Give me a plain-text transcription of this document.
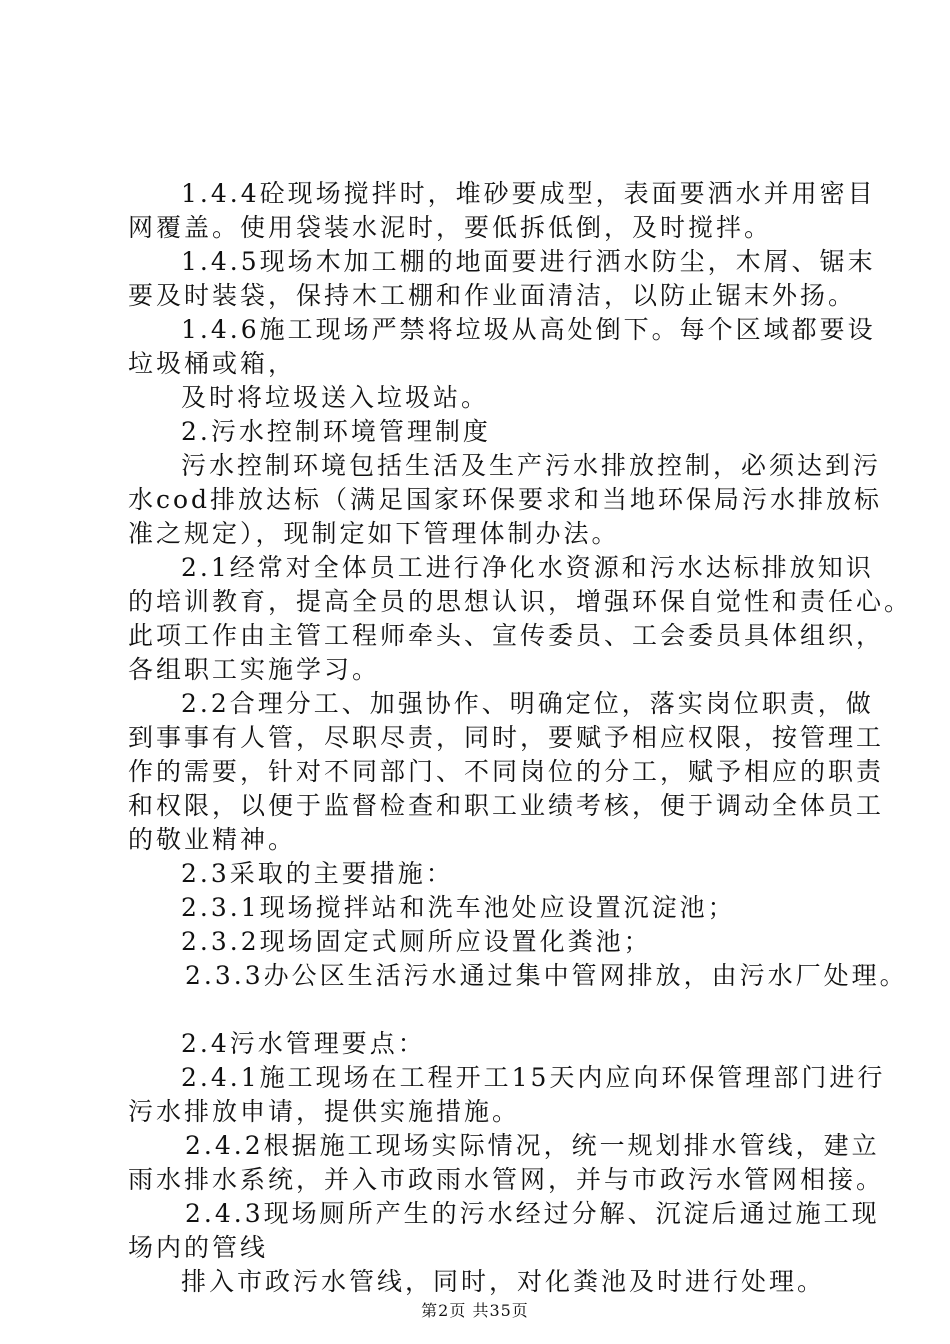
1.4.4砼现场搅拌时，堆砂要成型，表面要洒水并用密目
网覆盖。使用袋装水泥时，要低拆低倒，及时搅拌。
1.4.5现场木加工棚的地面要进行洒水防尘，木屑、锯末
要及时装袋，保持木工棚和作业面清洁，以防止锯末外扬。
1.4.6施工现场严禁将垃圾从高处倒下。每个区域都要设
垃圾桶或箱，
及时将垃圾送入垃圾站。
2.污水控制环境管理制度
污水控制环境包括生活及生产污水排放控制，必须达到污
水cod排放达标（满足国家环保要求和当地环保局污水排放标
准之规定），现制定如下管理体制办法。
2.1经常对全体员工进行净化水资源和污水达标排放知识
的培训教育，提高全员的思想认识，增强环保自觉性和责任心。
此项工作由主管工程师牵头、宣传委员、工会委员具体组织，
各组职工实施学习。
2.2合理分工、加强协作、明确定位，落实岗位职责，做
到事事有人管，尽职尽责，同时，要赋予相应权限，按管理工
作的需要，针对不同部门、不同岗位的分工，赋予相应的职责
和权限，以便于监督检查和职工业绩考核，便于调动全体员工
的敬业精神。
2.3采取的主要措施：
2.3.1现场搅拌站和洗车池处应设置沉淀池；
2.3.2现场固定式厕所应设置化粪池；
2.3.3办公区生活污水通过集中管网排放，由污水厂处理。
2.4污水管理要点：
2.4.1施工现场在工程开工15天内应向环保管理部门进行
污水排放申请，提供实施措施。
2.4.2根据施工现场实际情况，统一规划排水管线，建立
雨水排水系统，并入市政雨水管网，并与市政污水管网相接。
2.4.3现场厕所产生的污水经过分解、沉淀后通过施工现
场内的管线
排入市政污水管线，同时，对化粪池及时进行处理。
第2页 共35页
